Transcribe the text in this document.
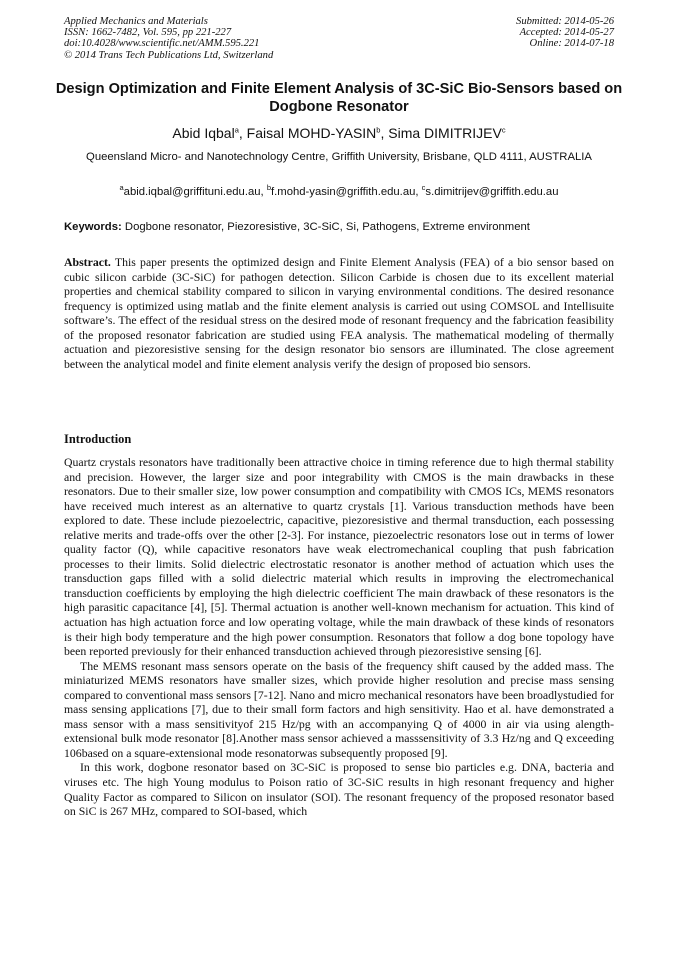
Applied Mechanics and Materials
ISSN: 1662-7482, Vol. 595, pp 221-227
doi:10.4028/www.scientific.net/AMM.595.221
© 2014 Trans Tech Publications Ltd, Switzerland
Submitted: 2014-05-26
Accepted: 2014-05-27
Online: 2014-07-18
Design Optimization and Finite Element Analysis of 3C-SiC Bio-Sensors based on Dogbone Resonator
Abid Iqbal$^a$, Faisal MOHD-YASIN$^b$, Sima DIMITRIJEV$^c$
Queensland Micro- and Nanotechnology Centre, Griffith University, Brisbane, QLD 4111, AUSTRALIA
$^a$abid.iqbal@griffituni.edu.au, $^b$f.mohd-yasin@griffith.edu.au, $^c$s.dimitrijev@griffith.edu.au
Keywords: Dogbone resonator, Piezoresistive, 3C-SiC, Si, Pathogens, Extreme environment

Abstract. This paper presents the optimized design and Finite Element Analysis (FEA) of a bio sensor based on cubic silicon carbide (3C-SiC) for pathogen detection. Silicon Carbide is chosen due to its excellent material properties and chemical stability compared to silicon in varying environmental conditions. The desired resonance frequency is optimized using matlab and the finite element analysis is carried out using COMSOL and Intellisuite software’s. The effect of the residual stress on the desired mode of resonant frequency and the fabrication feasibility of the proposed resonator fabrication are studied using FEA analysis. The mathematical modeling of thermally actuation and piezoresistive sensing for the design resonator bio sensors are illuminated. The close agreement between the analytical model and finite element analysis verify the design of proposed bio sensors.

Introduction

Quartz crystals resonators have traditionally been attractive choice in timing reference due to high thermal stability and precision. However, the larger size and poor integrability with CMOS is the main drawbacks in these resonators. Due to their smaller size, low power consumption and compatibility with CMOS ICs, MEMS resonators have received much interest as an alternative to quartz crystals [1]. Various transduction methods have been explored to date. These include piezoelectric, capacitive, piezoresistive and thermal transduction, each possessing relative merits and trade-offs over the other [2-3]. For instance, piezoelectric resonators lose out in terms of lower quality factor (Q), while capacitive resonators have weak electromechanical coupling that push fabrication processes to their limits. Solid dielectric electrostatic resonator is another method of actuation which uses the transduction gaps filled with a solid dielectric material which results in improving the electromechanical transduction coefficients by employing the high dielectric coefficient The main drawback of these resonators is the high parasitic capacitance [4], [5]. Thermal actuation is another well-known mechanism for actuation. This kind of actuation has high actuation force and low operating voltage, while the main drawback of these kinds of resonators is their high body temperature and the high power consumption. Resonators that follow a dog bone topology have been reported previously for their enhanced transduction achieved through piezoresistive sensing [6].

The MEMS resonant mass sensors operate on the basis of the frequency shift caused by the added mass. The miniaturized MEMS resonators have smaller sizes, which provide higher resolution and precise mass sensing compared to conventional mass sensors [7-12]. Nano and micro mechanical resonators have been broadlystudied for mass sensing applications [7], due to their small form factors and high sensitivity. Hao et al. have demonstrated a mass sensor with a mass sensitivityof 215 Hz/pg with an accompanying Q of 4000 in air via using alength-extensional bulk mode resonator [8].Another mass sensor achieved a masssensitivity of 3.3 Hz/ng and Q exceeding 106based on a square-extensional mode resonatorwas subsequently proposed [9].

In this work, dogbone resonator based on 3C-SiC is proposed to sense bio particles e.g. DNA, bacteria and viruses etc. The high Young modulus to Poison ratio of 3C-SiC results in high resonant frequency and higher Quality Factor as compared to Silicon on insulator (SOI). The resonant frequency of the proposed resonator based on SiC is 267 MHz, compared to SOI-based, which
